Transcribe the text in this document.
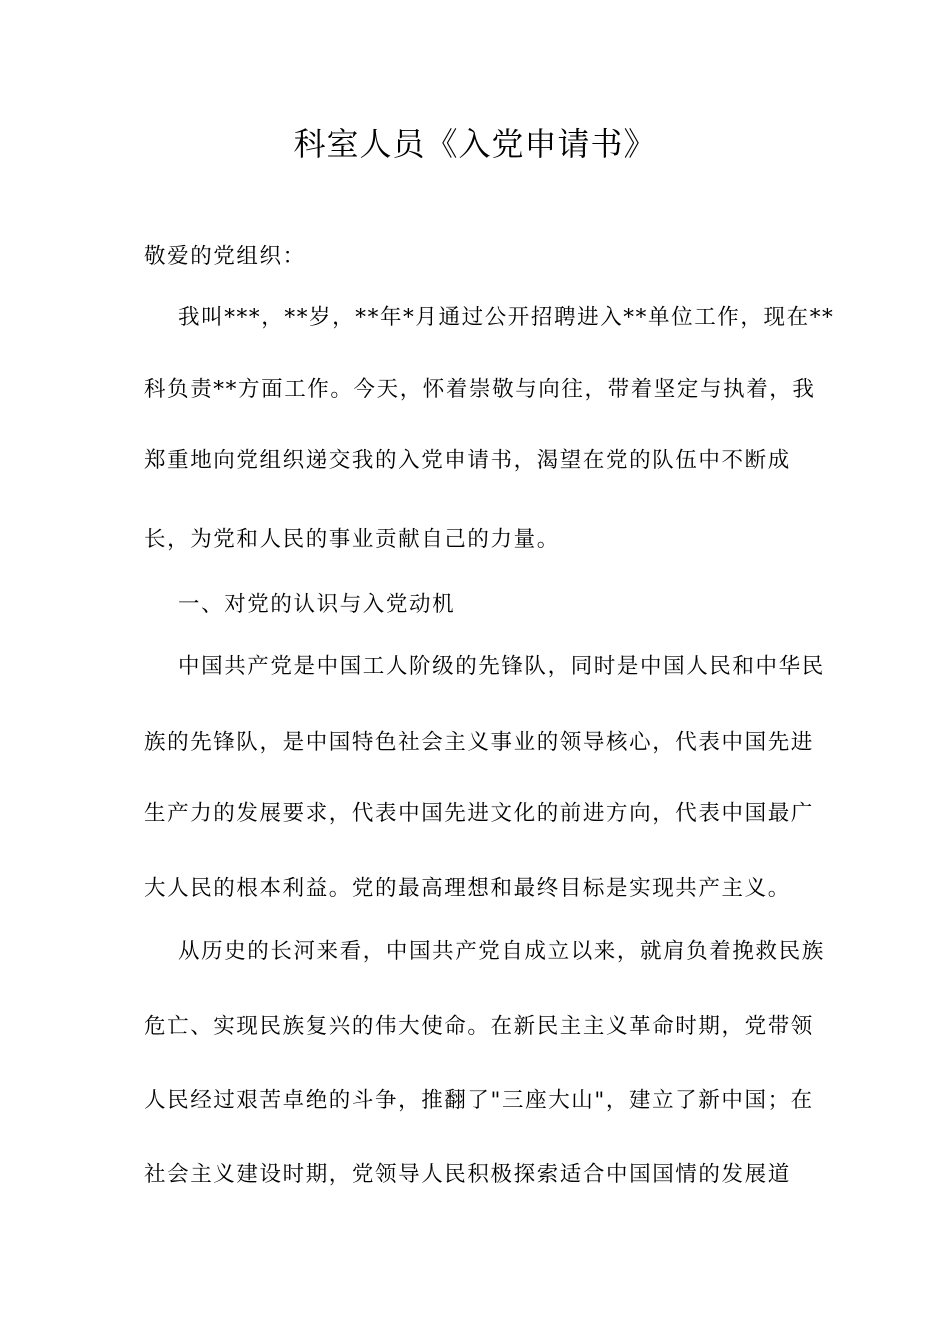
科室人员《入党申请书》
敬爱的党组织：
我叫***，**岁，**年*月通过公开招聘进入**单位工作，现在**
科负责**方面工作。今天，怀着崇敬与向往，带着坚定与执着，我
郑重地向党组织递交我的入党申请书，渴望在党的队伍中不断成
长，为党和人民的事业贡献自己的力量。
一、对党的认识与入党动机
中国共产党是中国工人阶级的先锋队，同时是中国人民和中华民
族的先锋队，是中国特色社会主义事业的领导核心，代表中国先进
生产力的发展要求，代表中国先进文化的前进方向，代表中国最广
大人民的根本利益。党的最高理想和最终目标是实现共产主义。
从历史的长河来看，中国共产党自成立以来，就肩负着挽救民族
危亡、实现民族复兴的伟大使命。在新民主主义革命时期，党带领
人民经过艰苦卓绝的斗争，推翻了"三座大山"，建立了新中国；在
社会主义建设时期，党领导人民积极探索适合中国国情的发展道
